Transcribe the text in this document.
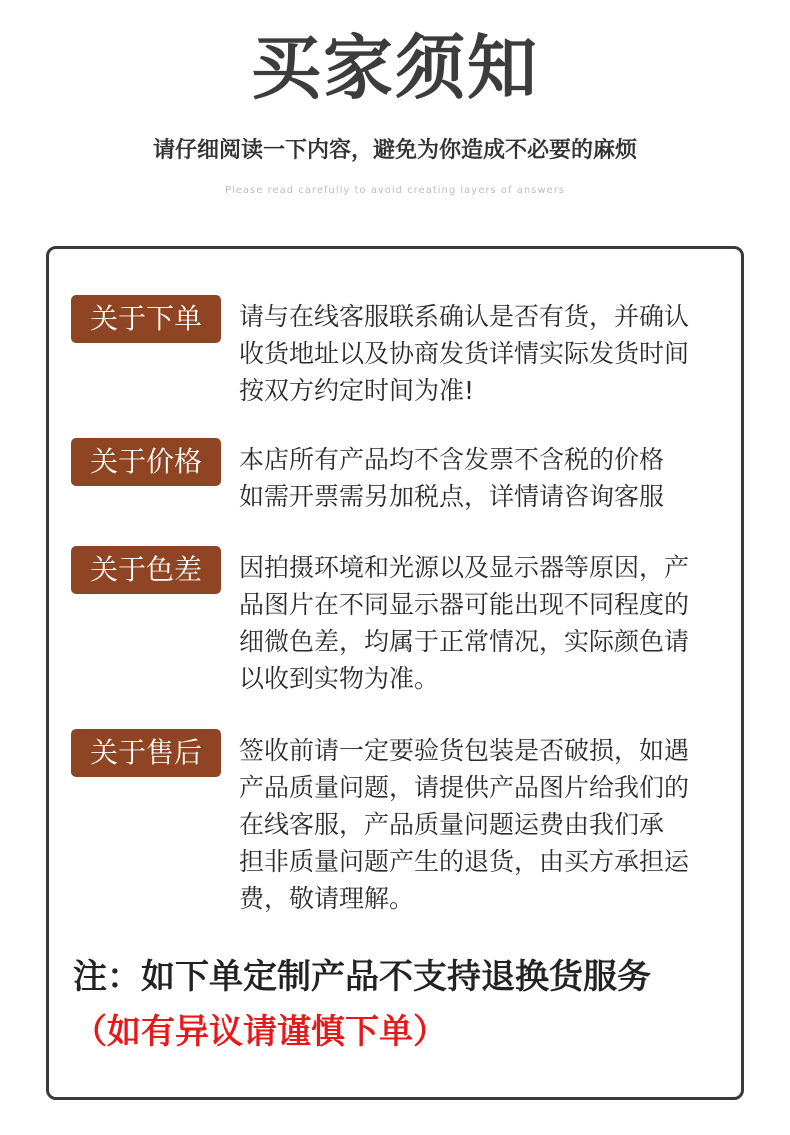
买家须知
请仔细阅读一下内容，避免为你造成不必要的麻烦
Please read carefully to avoid creating layers of answers
关于下单	请与在线客服联系确认是否有货，并确认
收货地址以及协商发货详情实际发货时间
按双方约定时间为准!
关于价格	本店所有产品均不含发票不含税的价格
如需开票需另加税点，详情请咨询客服
关于色差	因拍摄环境和光源以及显示器等原因，产
品图片在不同显示器可能出现不同程度的
细微色差，均属于正常情况，实际颜色请
以收到实物为准。
关于售后	签收前请一定要验货包装是否破损，如遇
产品质量问题，请提供产品图片给我们的
在线客服，产品质量问题运费由我们承
担非质量问题产生的退货，由买方承担运
费，敬请理解。
注：如下单定制产品不支持退换货服务
（如有异议请谨慎下单）
